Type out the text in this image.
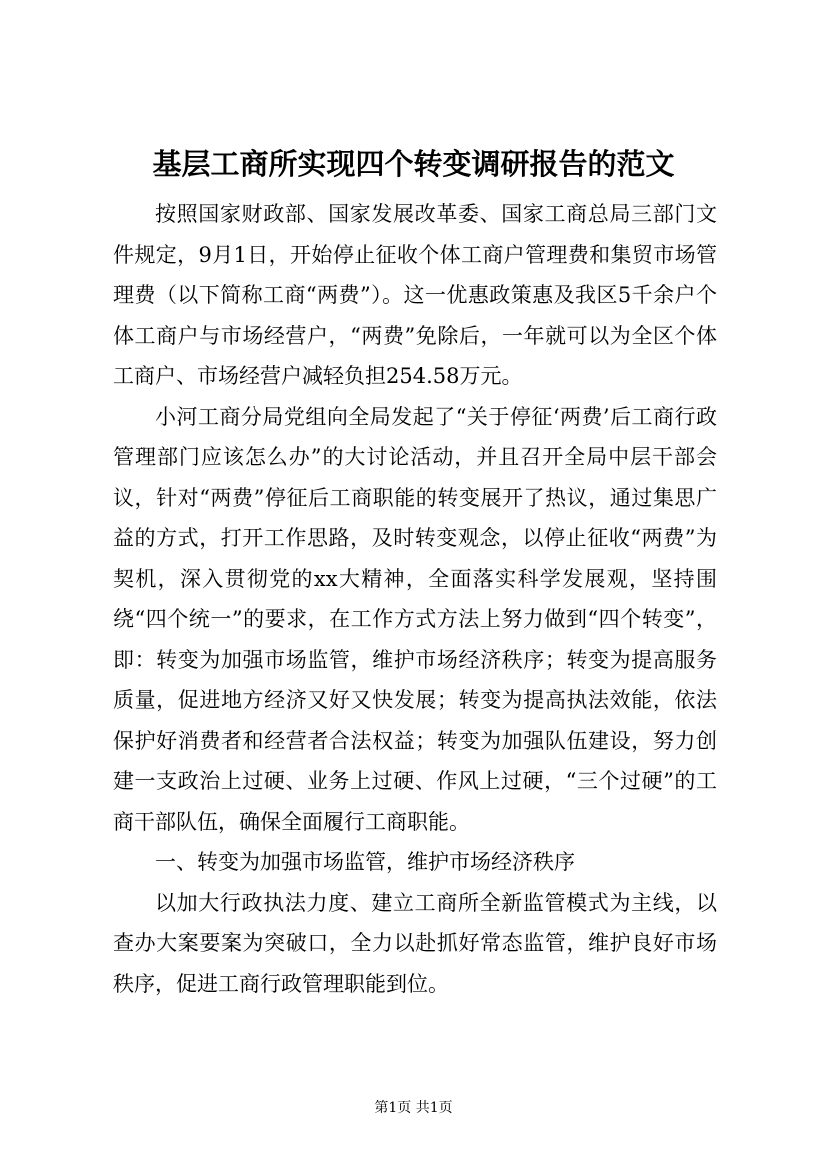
基层工商所实现四个转变调研报告的范文

按照国家财政部、国家发展改革委、国家工商总局三部门文件规定，9月1日，开始停止征收个体工商户管理费和集贸市场管理费（以下简称工商“两费”）。这一优惠政策惠及我区5千余户个体工商户与市场经营户，“两费”免除后，一年就可以为全区个体工商户、市场经营户减轻负担254.58万元。

小河工商分局党组向全局发起了“关于停征‘两费’后工商行政管理部门应该怎么办”的大讨论活动，并且召开全局中层干部会议，针对“两费”停征后工商职能的转变展开了热议，通过集思广益的方式，打开工作思路，及时转变观念，以停止征收“两费”为契机，深入贯彻党的xx大精神，全面落实科学发展观，坚持围绕“四个统一”的要求，在工作方式方法上努力做到“四个转变”，即：转变为加强市场监管，维护市场经济秩序；转变为提高服务质量，促进地方经济又好又快发展；转变为提高执法效能，依法保护好消费者和经营者合法权益；转变为加强队伍建设，努力创建一支政治上过硬、业务上过硬、作风上过硬，“三个过硬”的工商干部队伍，确保全面履行工商职能。

一、转变为加强市场监管，维护市场经济秩序

以加大行政执法力度、建立工商所全新监管模式为主线，以查办大案要案为突破口，全力以赴抓好常态监管，维护良好市场秩序，促进工商行政管理职能到位。

第1页 共1页
